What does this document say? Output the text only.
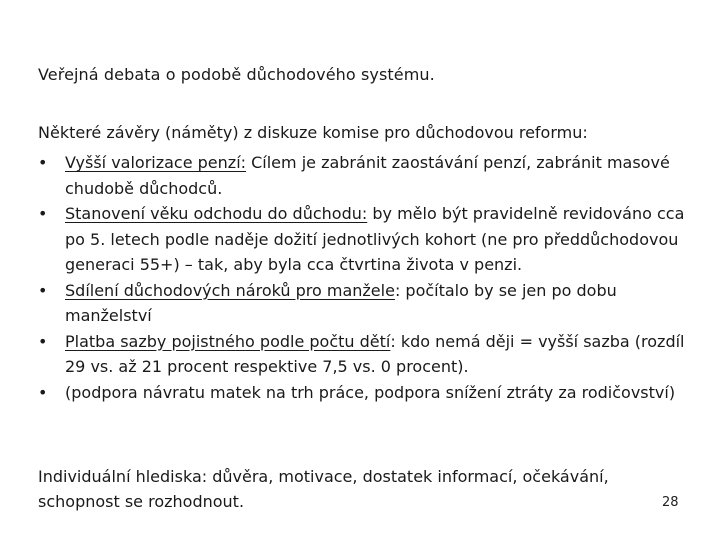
Veřejná debata o podobě důchodového systému.
Některé závěry (náměty) z diskuze komise pro důchodovou reformu:
• Vyšší valorizace penzí: Cílem je zabránit zaostávání penzí, zabránit masové chudobě důchodců.
• Stanovení věku odchodu do důchodu: by mělo být pravidelně revidováno cca po 5. letech podle naděje dožití jednotlivých kohort (ne pro předdůchodovou generaci 55+) – tak, aby byla cca čtvrtina života v penzi.
• Sdílení důchodových nároků pro manžele: počítalo by se jen po dobu manželství
• Platba sazby pojistného podle počtu dětí: kdo nemá ději = vyšší sazba (rozdíl 29 vs. až 21 procent respektive 7,5 vs. 0 procent).
• (podpora návratu matek na trh práce, podpora snížení ztráty za rodičovství)
Individuální hlediska: důvěra, motivace, dostatek informací, očekávání, schopnost se rozhodnout.	28
